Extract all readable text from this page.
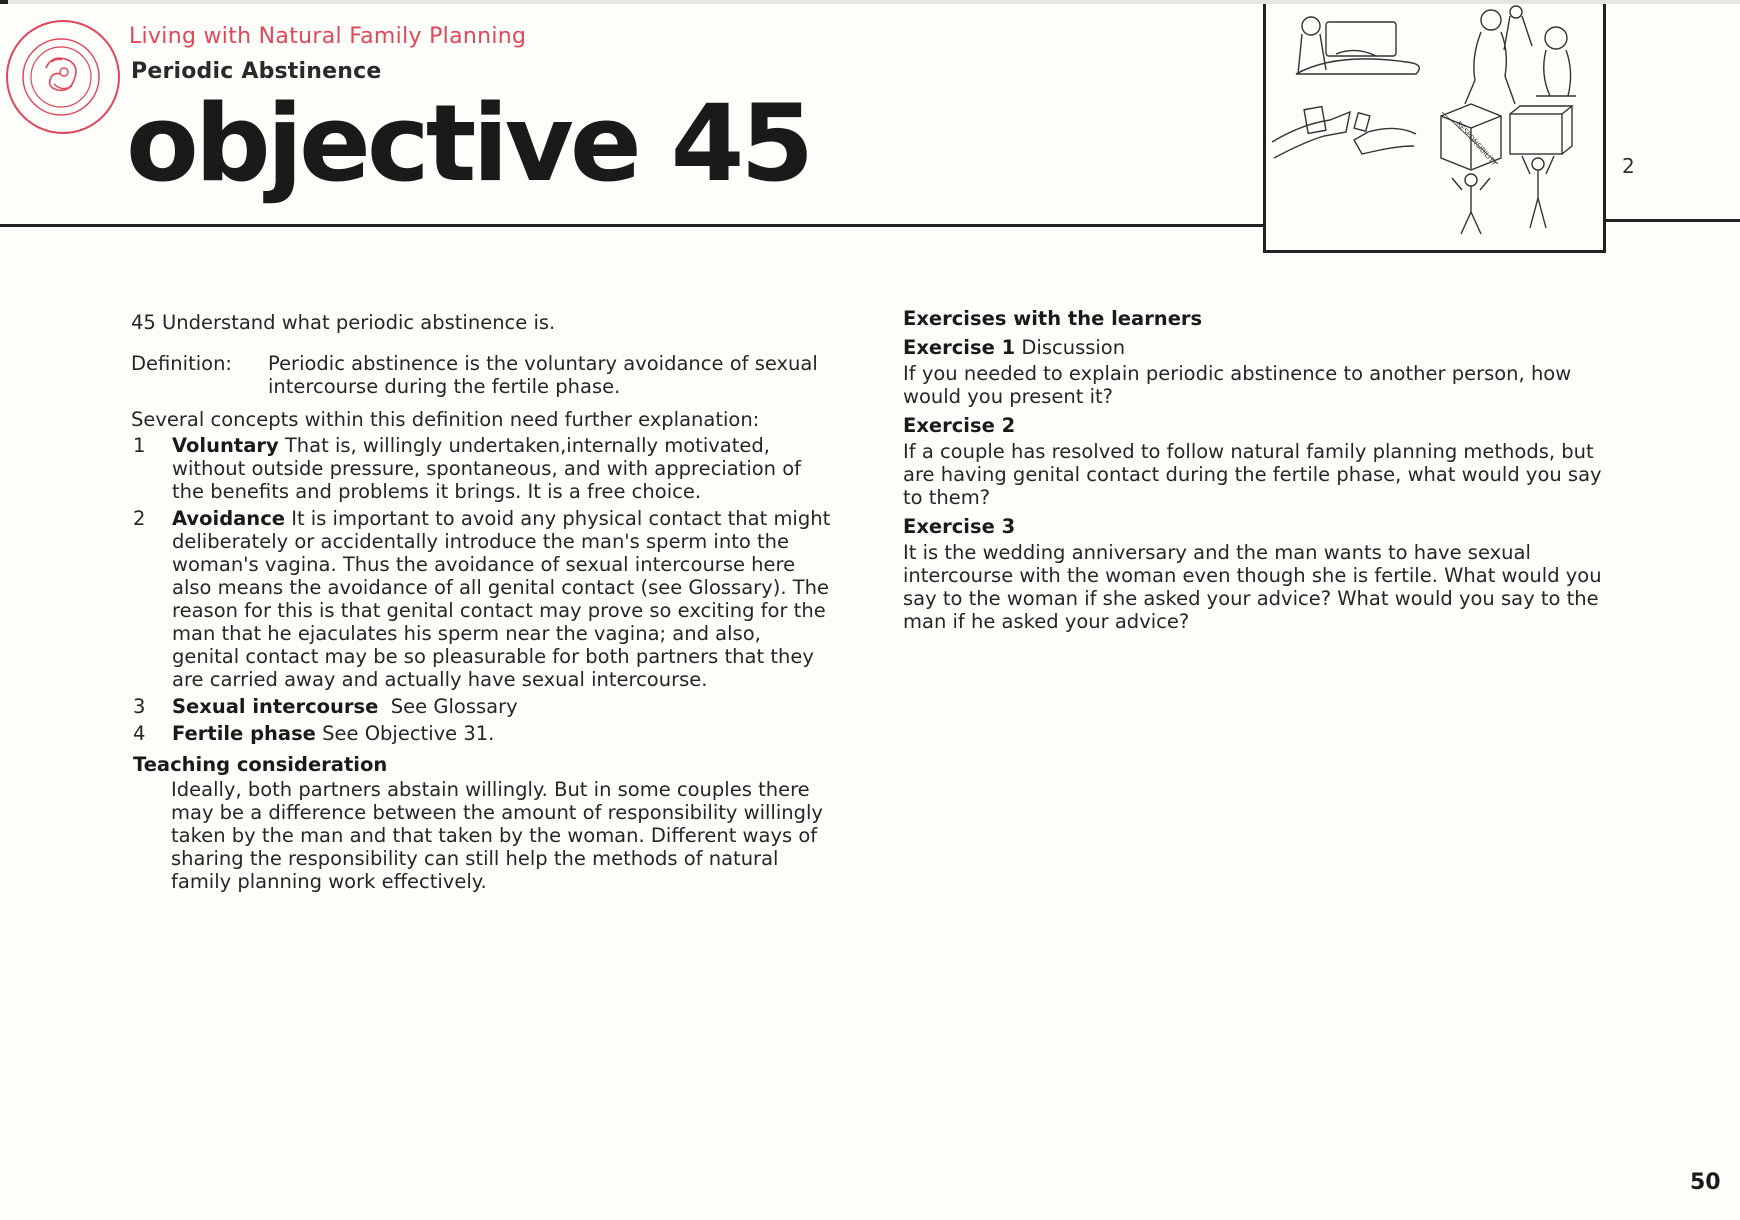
Living with Natural Family Planning
Periodic Abstinence
objective 45	RESPONSIBILITY	2

45 Understand what periodic abstinence is.

Definition:	Periodic abstinence is the voluntary avoidance of sexual intercourse during the fertile phase.

Several concepts within this definition need further explanation:

1	Voluntary That is, willingly undertaken,internally motivated, without outside pressure, spontaneous, and with appreciation of the benefits and problems it brings. It is a free choice.
2	Avoidance It is important to avoid any physical contact that might deliberately or accidentally introduce the man's sperm into the woman's vagina. Thus the avoidance of sexual intercourse here also means the avoidance of all genital contact (see Glossary). The reason for this is that genital contact may prove so exciting for the man that he ejaculates his sperm near the vagina; and also, genital contact may be so pleasurable for both partners that they are carried away and actually have sexual intercourse.
3	Sexual intercourse See Glossary
4	Fertile phase See Objective 31.
Teaching consideration

Ideally, both partners abstain willingly. But in some couples there may be a difference between the amount of responsibility willingly taken by the man and that taken by the woman. Different ways of sharing the responsibility can still help the methods of natural family planning work effectively.

Exercises with the learners

Exercise 1 Discussion

If you needed to explain periodic abstinence to another person, how would you present it?

Exercise 2

If a couple has resolved to follow natural family planning methods, but are having genital contact during the fertile phase, what would you say to them?

Exercise 3

It is the wedding anniversary and the man wants to have sexual intercourse with the woman even though she is fertile. What would you say to the woman if she asked your advice? What would you say to the man if he asked your advice?

50
